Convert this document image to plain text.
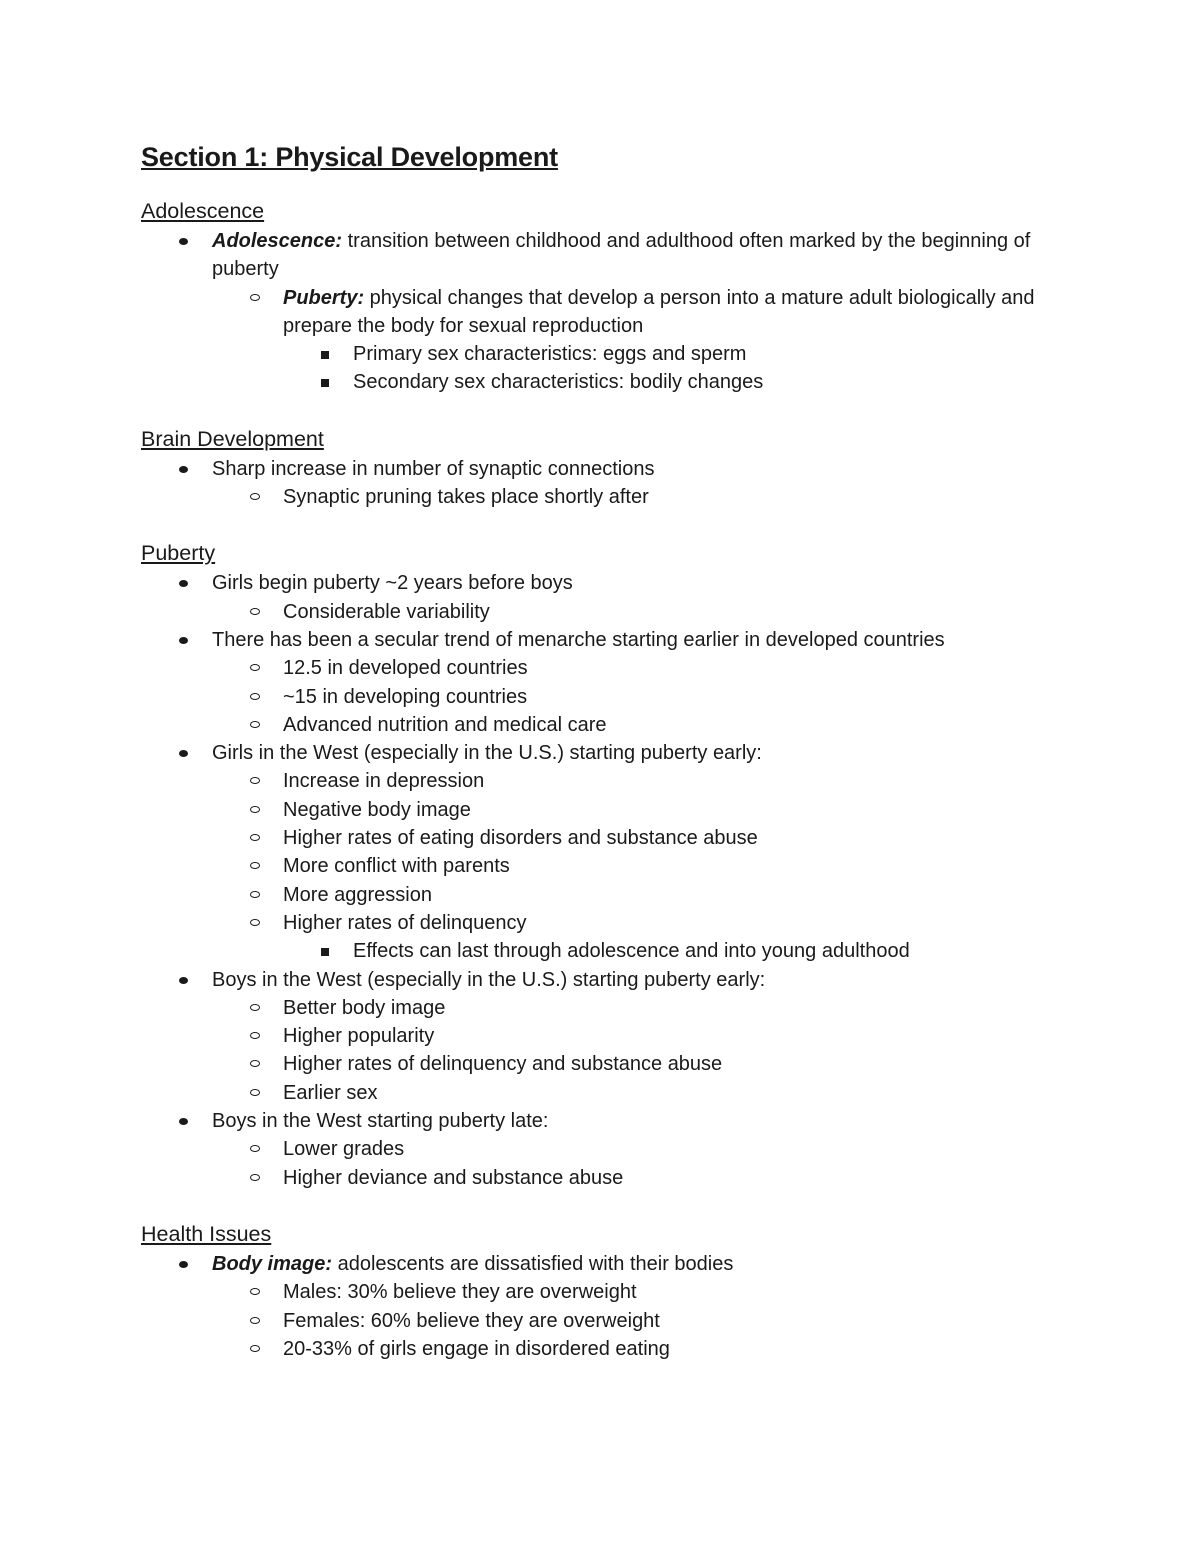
Section 1: Physical Development
Adolescence
Adolescence: transition between childhood and adulthood often marked by the beginning of puberty
Puberty: physical changes that develop a person into a mature adult biologically and prepare the body for sexual reproduction
Primary sex characteristics: eggs and sperm
Secondary sex characteristics: bodily changes
Brain Development
Sharp increase in number of synaptic connections
Synaptic pruning takes place shortly after
Puberty
Girls begin puberty ~2 years before boys
Considerable variability
There has been a secular trend of menarche starting earlier in developed countries
12.5 in developed countries
~15 in developing countries
Advanced nutrition and medical care
Girls in the West (especially in the U.S.) starting puberty early:
Increase in depression
Negative body image
Higher rates of eating disorders and substance abuse
More conflict with parents
More aggression
Higher rates of delinquency
Effects can last through adolescence and into young adulthood
Boys in the West (especially in the U.S.) starting puberty early:
Better body image
Higher popularity
Higher rates of delinquency and substance abuse
Earlier sex
Boys in the West starting puberty late:
Lower grades
Higher deviance and substance abuse
Health Issues
Body image: adolescents are dissatisfied with their bodies
Males: 30% believe they are overweight
Females: 60% believe they are overweight
20-33% of girls engage in disordered eating
